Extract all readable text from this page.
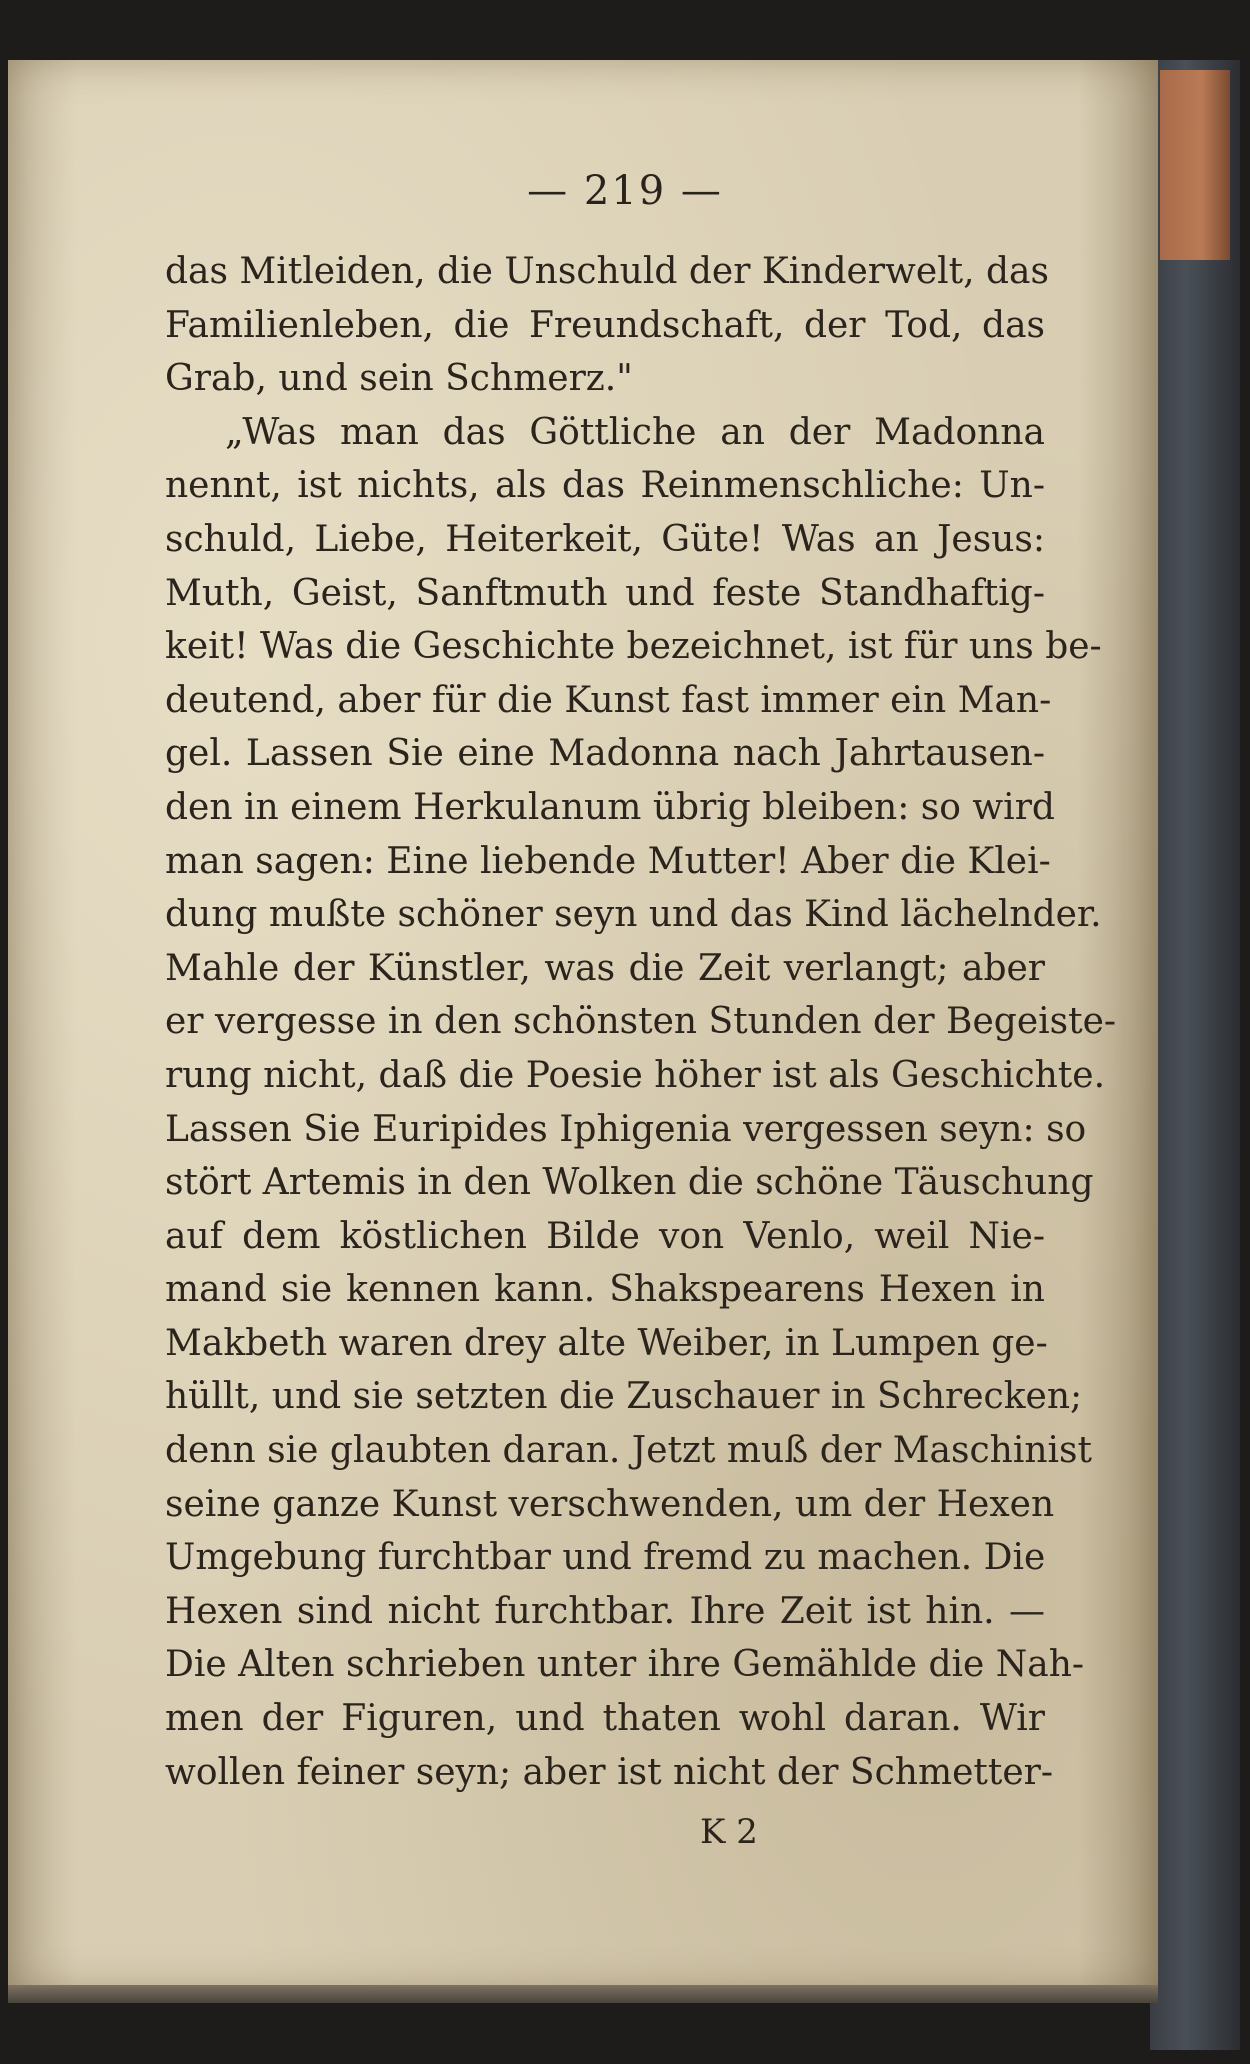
— 219 —
das Mitleiden, die Unschuld der Kinderwelt, das
Familienleben, die Freundschaft, der Tod, das
Grab, und sein Schmerz."
„Was man das Göttliche an der Madonna
nennt, ist nichts, als das Reinmenschliche: Un-
schuld, Liebe, Heiterkeit, Güte! Was an Jesus:
Muth, Geist, Sanftmuth und feste Standhaftig-
keit! Was die Geschichte bezeichnet, ist für uns be-
deutend, aber für die Kunst fast immer ein Man-
gel. Lassen Sie eine Madonna nach Jahrtausen-
den in einem Herkulanum übrig bleiben: so wird
man sagen: Eine liebende Mutter! Aber die Klei-
dung mußte schöner seyn und das Kind lächelnder.
Mahle der Künstler, was die Zeit verlangt; aber
er vergesse in den schönsten Stunden der Begeiste-
rung nicht, daß die Poesie höher ist als Geschichte.
Lassen Sie Euripides Iphigenia vergessen seyn: so
stört Artemis in den Wolken die schöne Täuschung
auf dem köstlichen Bilde von Venlo, weil Nie-
mand sie kennen kann. Shakspearens Hexen in
Makbeth waren drey alte Weiber, in Lumpen ge-
hüllt, und sie setzten die Zuschauer in Schrecken;
denn sie glaubten daran. Jetzt muß der Maschinist
seine ganze Kunst verschwenden, um der Hexen
Umgebung furchtbar und fremd zu machen. Die
Hexen sind nicht furchtbar. Ihre Zeit ist hin. —
Die Alten schrieben unter ihre Gemählde die Nah-
men der Figuren, und thaten wohl daran. Wir
wollen feiner seyn; aber ist nicht der Schmetter-
K 2
